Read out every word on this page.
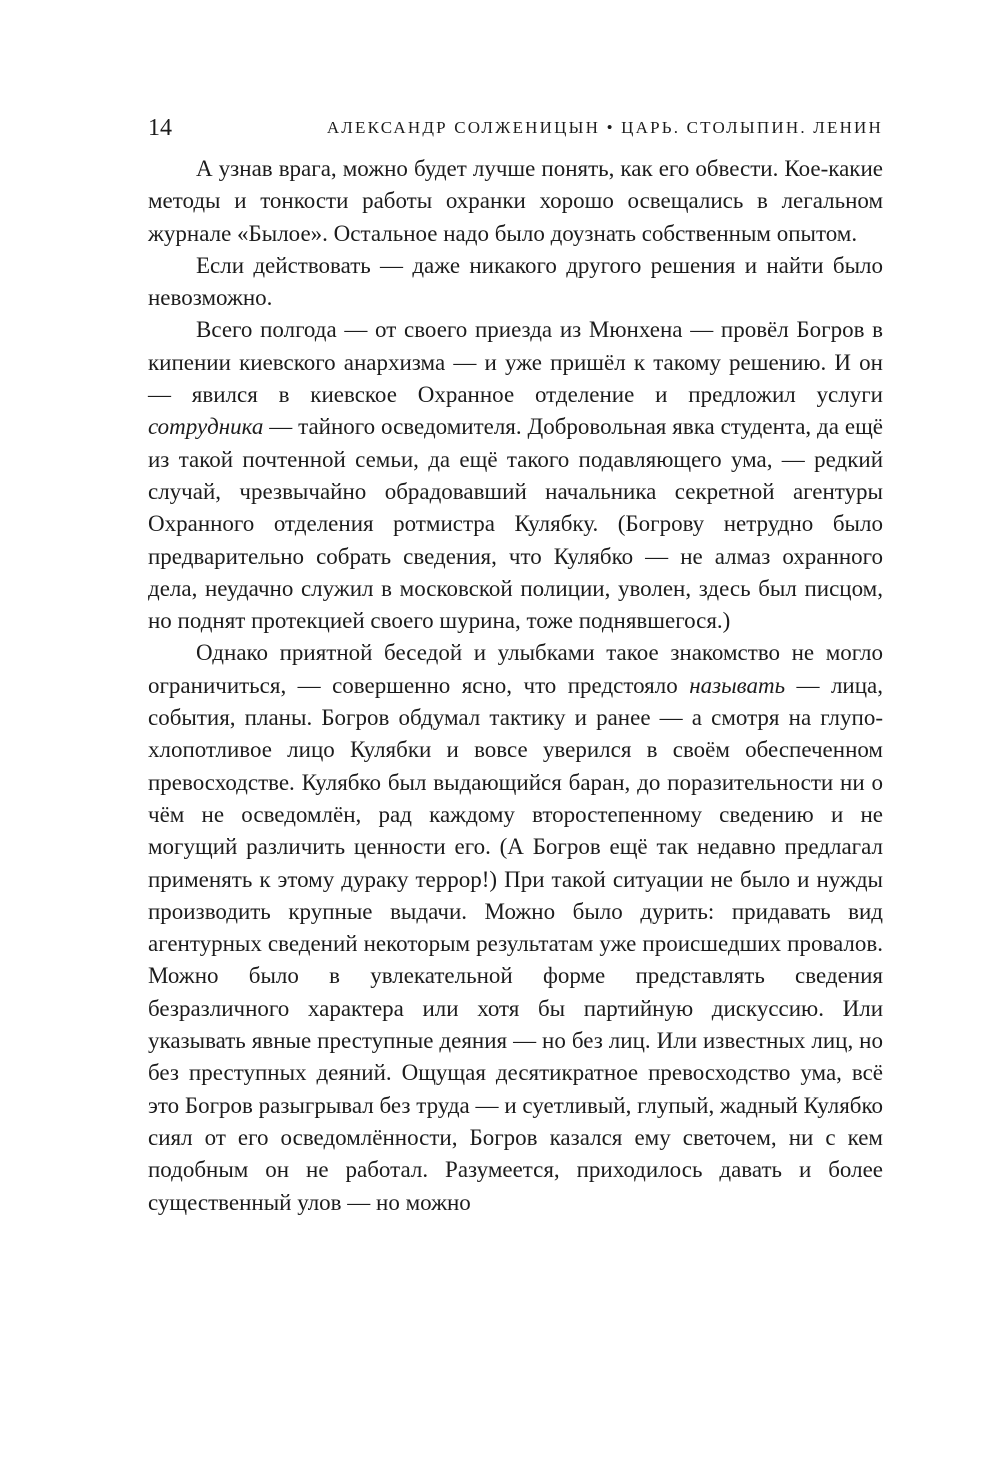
14	АЛЕКСАНДР СОЛЖЕНИЦЫН • ЦАРЬ. СТОЛЫПИН. ЛЕНИН

А узнав врага, можно будет лучше понять, как его обвести. Кое-какие методы и тонкости работы охранки хорошо освещались в легальном журнале «Былое». Остальное надо было доузнать собственным опытом.

Если действовать — даже никакого другого решения и найти было невозможно.

Всего полгода — от своего приезда из Мюнхена — провёл Богров в кипении киевского анархизма — и уже пришёл к такому решению. И он — явился в киевское Охранное отделение и предложил услуги сотрудника — тайного осведомителя. Добровольная явка студента, да ещё из такой почтенной семьи, да ещё такого подавляющего ума, — редкий случай, чрезвычайно обрадовавший начальника секретной агентуры Охранного отделения ротмистра Кулябку. (Богрову нетрудно было предварительно собрать сведения, что Кулябко — не алмаз охранного дела, неудачно служил в московской полиции, уволен, здесь был писцом, но поднят протекцией своего шурина, тоже поднявшегося.)

Однако приятной беседой и улыбками такое знакомство не могло ограничиться, — совершенно ясно, что предстояло называть — лица, события, планы. Богров обдумал тактику и ранее — а смотря на глупо-хлопотливое лицо Кулябки и вовсе уверился в своём обеспеченном превосходстве. Кулябко был выдающийся баран, до поразительности ни о чём не осведомлён, рад каждому второстепенному сведению и не могущий различить ценности его. (А Богров ещё так недавно предлагал применять к этому дураку террор!) При такой ситуации не было и нужды производить крупные выдачи. Можно было дурить: придавать вид агентурных сведений некоторым результатам уже происшедших провалов. Можно было в увлекательной форме представлять сведения безразличного характера или хотя бы партийную дискуссию. Или указывать явные преступные деяния — но без лиц. Или известных лиц, но без преступных деяний. Ощущая десятикратное превосходство ума, всё это Богров разыгрывал без труда — и суетливый, глупый, жадный Кулябко сиял от его осведомлённости, Богров казался ему светочем, ни с кем подобным он не работал. Разумеется, приходилось давать и более существенный улов — но можно
